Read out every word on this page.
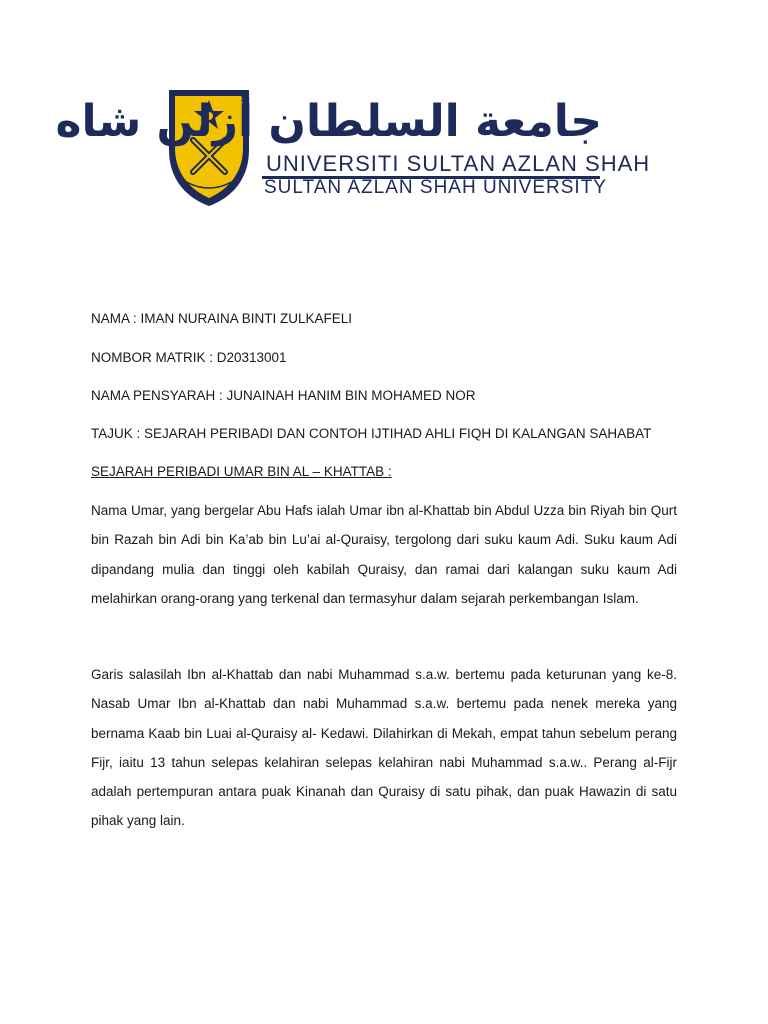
جامعة السلطان أزلن شاه
UNIVERSITI SULTAN AZLAN SHAH
SULTAN AZLAN SHAH UNIVERSITY
NAMA : IMAN NURAINA BINTI ZULKAFELI
NOMBOR MATRIK : D20313001
NAMA PENSYARAH : JUNAINAH HANIM BIN MOHAMED NOR
TAJUK : SEJARAH PERIBADI DAN CONTOH IJTIHAD AHLI FIQH DI KALANGAN SAHABAT
SEJARAH PERIBADI UMAR BIN AL – KHATTAB :

Nama Umar, yang bergelar Abu Hafs ialah Umar ibn al-Khattab bin Abdul Uzza bin Riyah bin Qurt bin Razah bin Adi bin Ka’ab bin Lu’ai al-Quraisy, tergolong dari suku kaum Adi. Suku kaum Adi dipandang mulia dan tinggi oleh kabilah Quraisy, dan ramai dari kalangan suku kaum Adi melahirkan orang-orang yang terkenal dan termasyhur dalam sejarah perkembangan Islam.

Garis salasilah Ibn al-Khattab dan nabi Muhammad s.a.w. bertemu pada keturunan yang ke-8. Nasab Umar Ibn al-Khattab dan nabi Muhammad s.a.w. bertemu pada nenek mereka yang bernama Kaab bin Luai al-Quraisy al- Kedawi. Dilahirkan di Mekah, empat tahun sebelum perang Fijr, iaitu 13 tahun selepas kelahiran selepas kelahiran nabi Muhammad s.a.w.. Perang al-Fijr adalah pertempuran antara puak Kinanah dan Quraisy di satu pihak, dan puak Hawazin di satu pihak yang lain.
